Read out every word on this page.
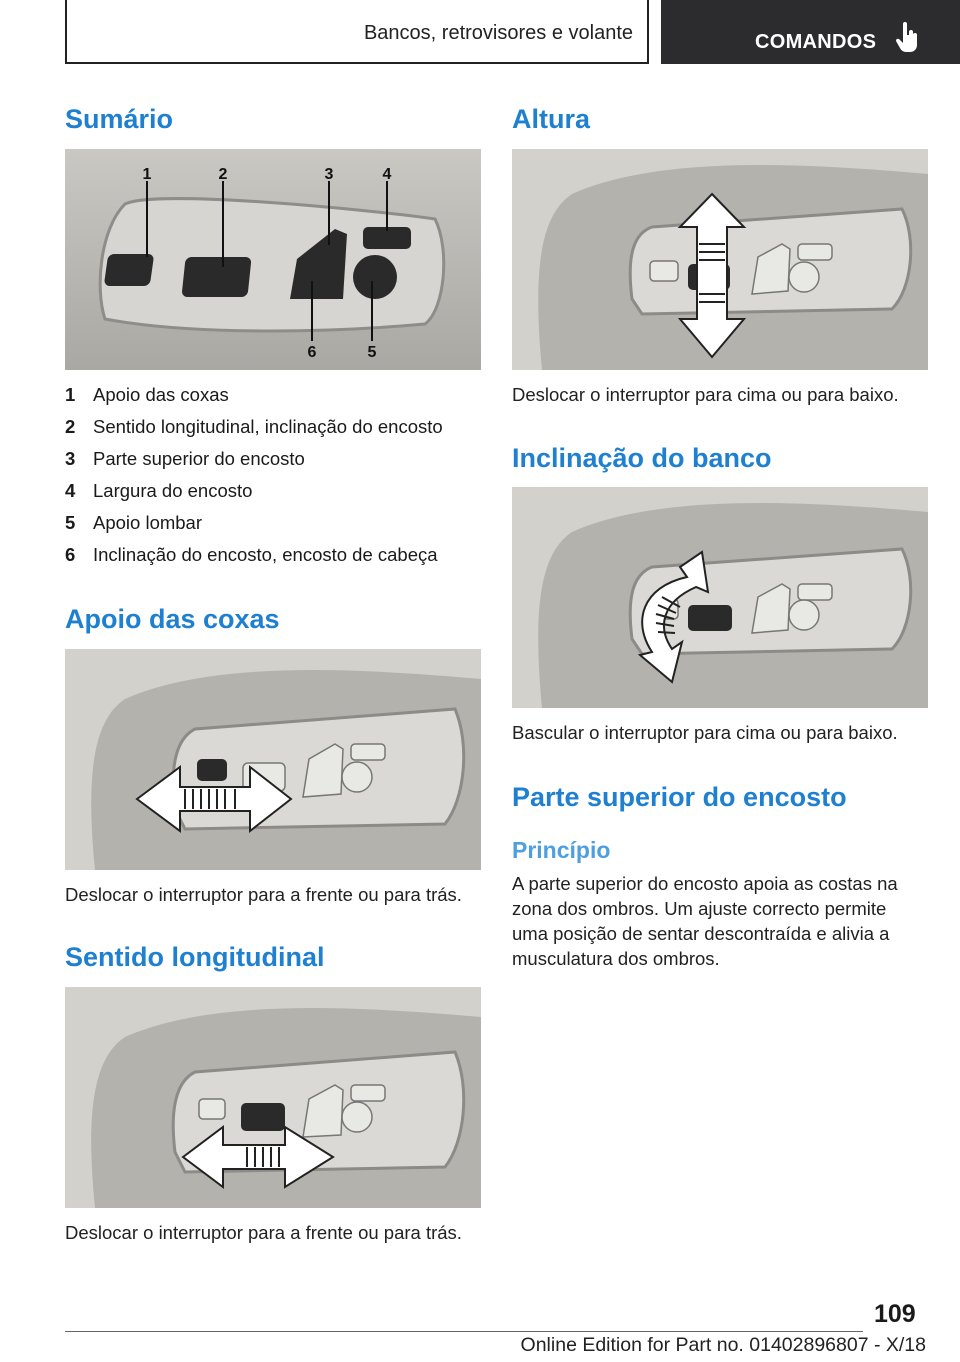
Bancos, retrovisores e volante	COMANDOS
Sumário
1	2	3	4
6	5
1 Apoio das coxas
2 Sentido longitudinal, inclinação do encosto
3 Parte superior do encosto
4 Largura do encosto
5 Apoio lombar
6 Inclinação do encosto, encosto de cabeça
Apoio das coxas

Deslocar o interruptor para a frente ou para trás.

Sentido longitudinal

Deslocar o interruptor para a frente ou para trás.

Altura

Deslocar o interruptor para cima ou para baixo.

Inclinação do banco

Bascular o interruptor para cima ou para baixo.

Parte superior do encosto
Princípio

A parte superior do encosto apoia as costas na zona dos ombros. Um ajuste correcto permite uma posição de sentar descontraída e alivia a musculatura dos ombros.

109
Online Edition for Part no. 01402896807 - X/18
